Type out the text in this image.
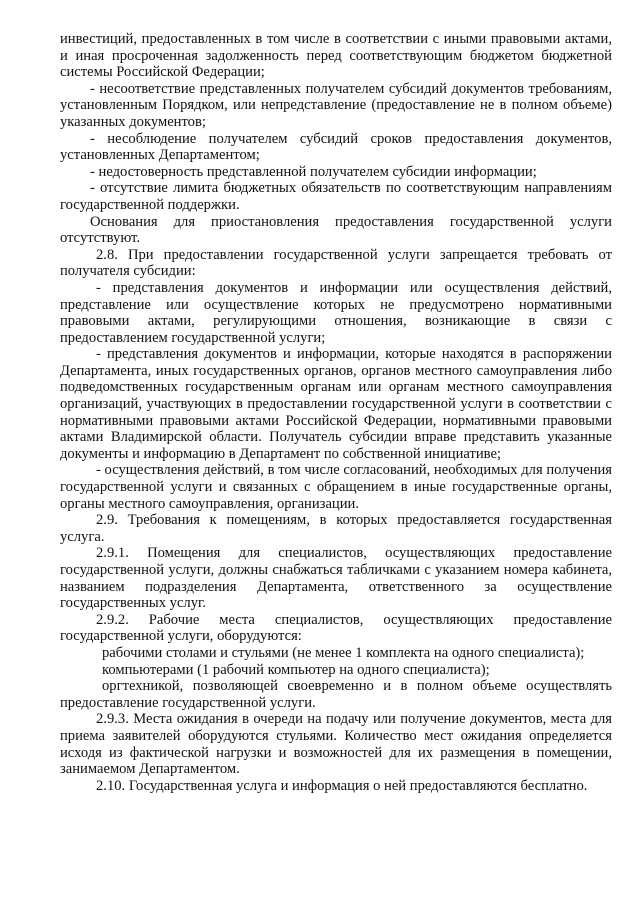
инвестиций, предоставленных в том числе в соответствии с иными правовыми актами, и иная просроченная задолженность перед соответствующим бюджетом бюджетной системы Российской Федерации;

- несоответствие представленных получателем субсидий документов требованиям, установленным Порядком, или непредставление (предоставление не в полном объеме) указанных документов;

- несоблюдение получателем субсидий сроков предоставления документов, установленных Департаментом;

- недостоверность представленной получателем субсидии информации;

- отсутствие лимита бюджетных обязательств по соответствующим направлениям государственной поддержки.

Основания для приостановления предоставления государственной услуги отсутствуют.

2.8. При предоставлении государственной услуги запрещается требовать от получателя субсидии:

- представления документов и информации или осуществления действий, представление или осуществление которых не предусмотрено нормативными правовыми актами, регулирующими отношения, возникающие в связи с предоставлением государственной услуги;

- представления документов и информации, которые находятся в распоряжении Департамента, иных государственных органов, органов местного самоуправления либо подведомственных государственным органам или органам местного самоуправления организаций, участвующих в предоставлении государственной услуги в соответствии с нормативными правовыми актами Российской Федерации, нормативными правовыми актами Владимирской области. Получатель субсидии вправе представить указанные документы и информацию в Департамент по собственной инициативе;

- осуществления действий, в том числе согласований, необходимых для получения государственной услуги и связанных с обращением в иные государственные органы, органы местного самоуправления, организации.

2.9. Требования к помещениям, в которых предоставляется государственная услуга.

2.9.1. Помещения для специалистов, осуществляющих предоставление государственной услуги, должны снабжаться табличками с указанием номера кабинета, названием подразделения Департамента, ответственного за осуществление государственных услуг.

2.9.2. Рабочие места специалистов, осуществляющих предоставление государственной услуги, оборудуются:

рабочими столами и стульями (не менее 1 комплекта на одного специалиста);

компьютерами (1 рабочий компьютер на одного специалиста);

оргтехникой, позволяющей своевременно и в полном объеме осуществлять предоставление государственной услуги.

2.9.3. Места ожидания в очереди на подачу или получение документов, места для приема заявителей оборудуются стульями. Количество мест ожидания определяется исходя из фактической нагрузки и возможностей для их размещения в помещении, занимаемом Департаментом.

2.10. Государственная услуга и информация о ней предоставляются бесплатно.
